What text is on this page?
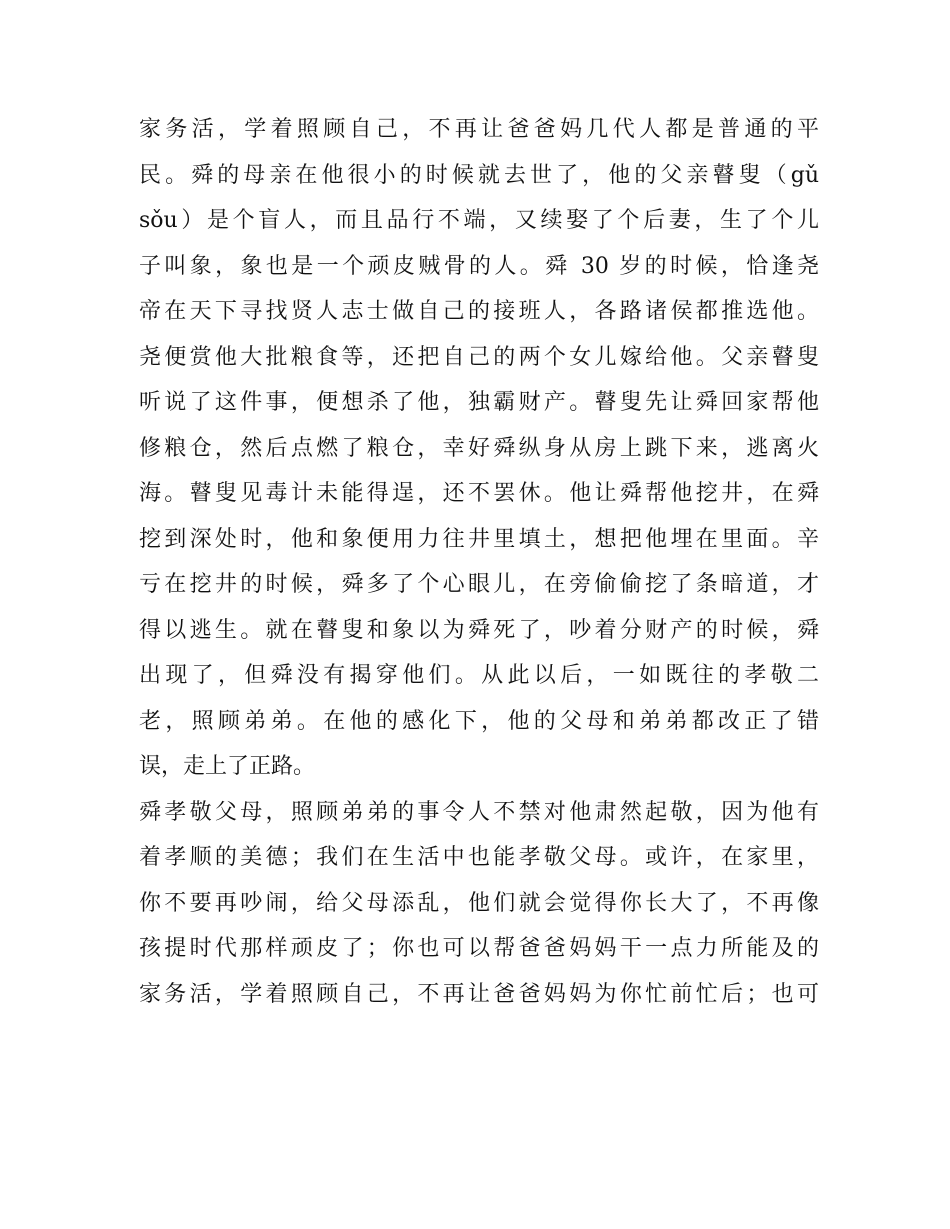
家务活，学着照顾自己，不再让爸爸妈几代人都是普通的平
民。舜的母亲在他很小的时候就去世了，他的父亲瞽叟（gǔ
sǒu）是个盲人，而且品行不端，又续娶了个后妻，生了个儿
子叫象，象也是一个顽皮贼骨的人。舜 30 岁的时候，恰逢尧
帝在天下寻找贤人志士做自己的接班人，各路诸侯都推选他。
尧便赏他大批粮食等，还把自己的两个女儿嫁给他。父亲瞽叟
听说了这件事，便想杀了他，独霸财产。瞽叟先让舜回家帮他
修粮仓，然后点燃了粮仓，幸好舜纵身从房上跳下来，逃离火
海。瞽叟见毒计未能得逞，还不罢休。他让舜帮他挖井，在舜
挖到深处时，他和象便用力往井里填土，想把他埋在里面。辛
亏在挖井的时候，舜多了个心眼儿，在旁偷偷挖了条暗道，才
得以逃生。就在瞽叟和象以为舜死了，吵着分财产的时候，舜
出现了，但舜没有揭穿他们。从此以后，一如既往的孝敬二
老，照顾弟弟。在他的感化下，他的父母和弟弟都改正了错
误，走上了正路。
舜孝敬父母，照顾弟弟的事令人不禁对他肃然起敬，因为他有
着孝顺的美德；我们在生活中也能孝敬父母。或许，在家里，
你不要再吵闹，给父母添乱，他们就会觉得你长大了，不再像
孩提时代那样顽皮了；你也可以帮爸爸妈妈干一点力所能及的
家务活，学着照顾自己，不再让爸爸妈妈为你忙前忙后；也可
